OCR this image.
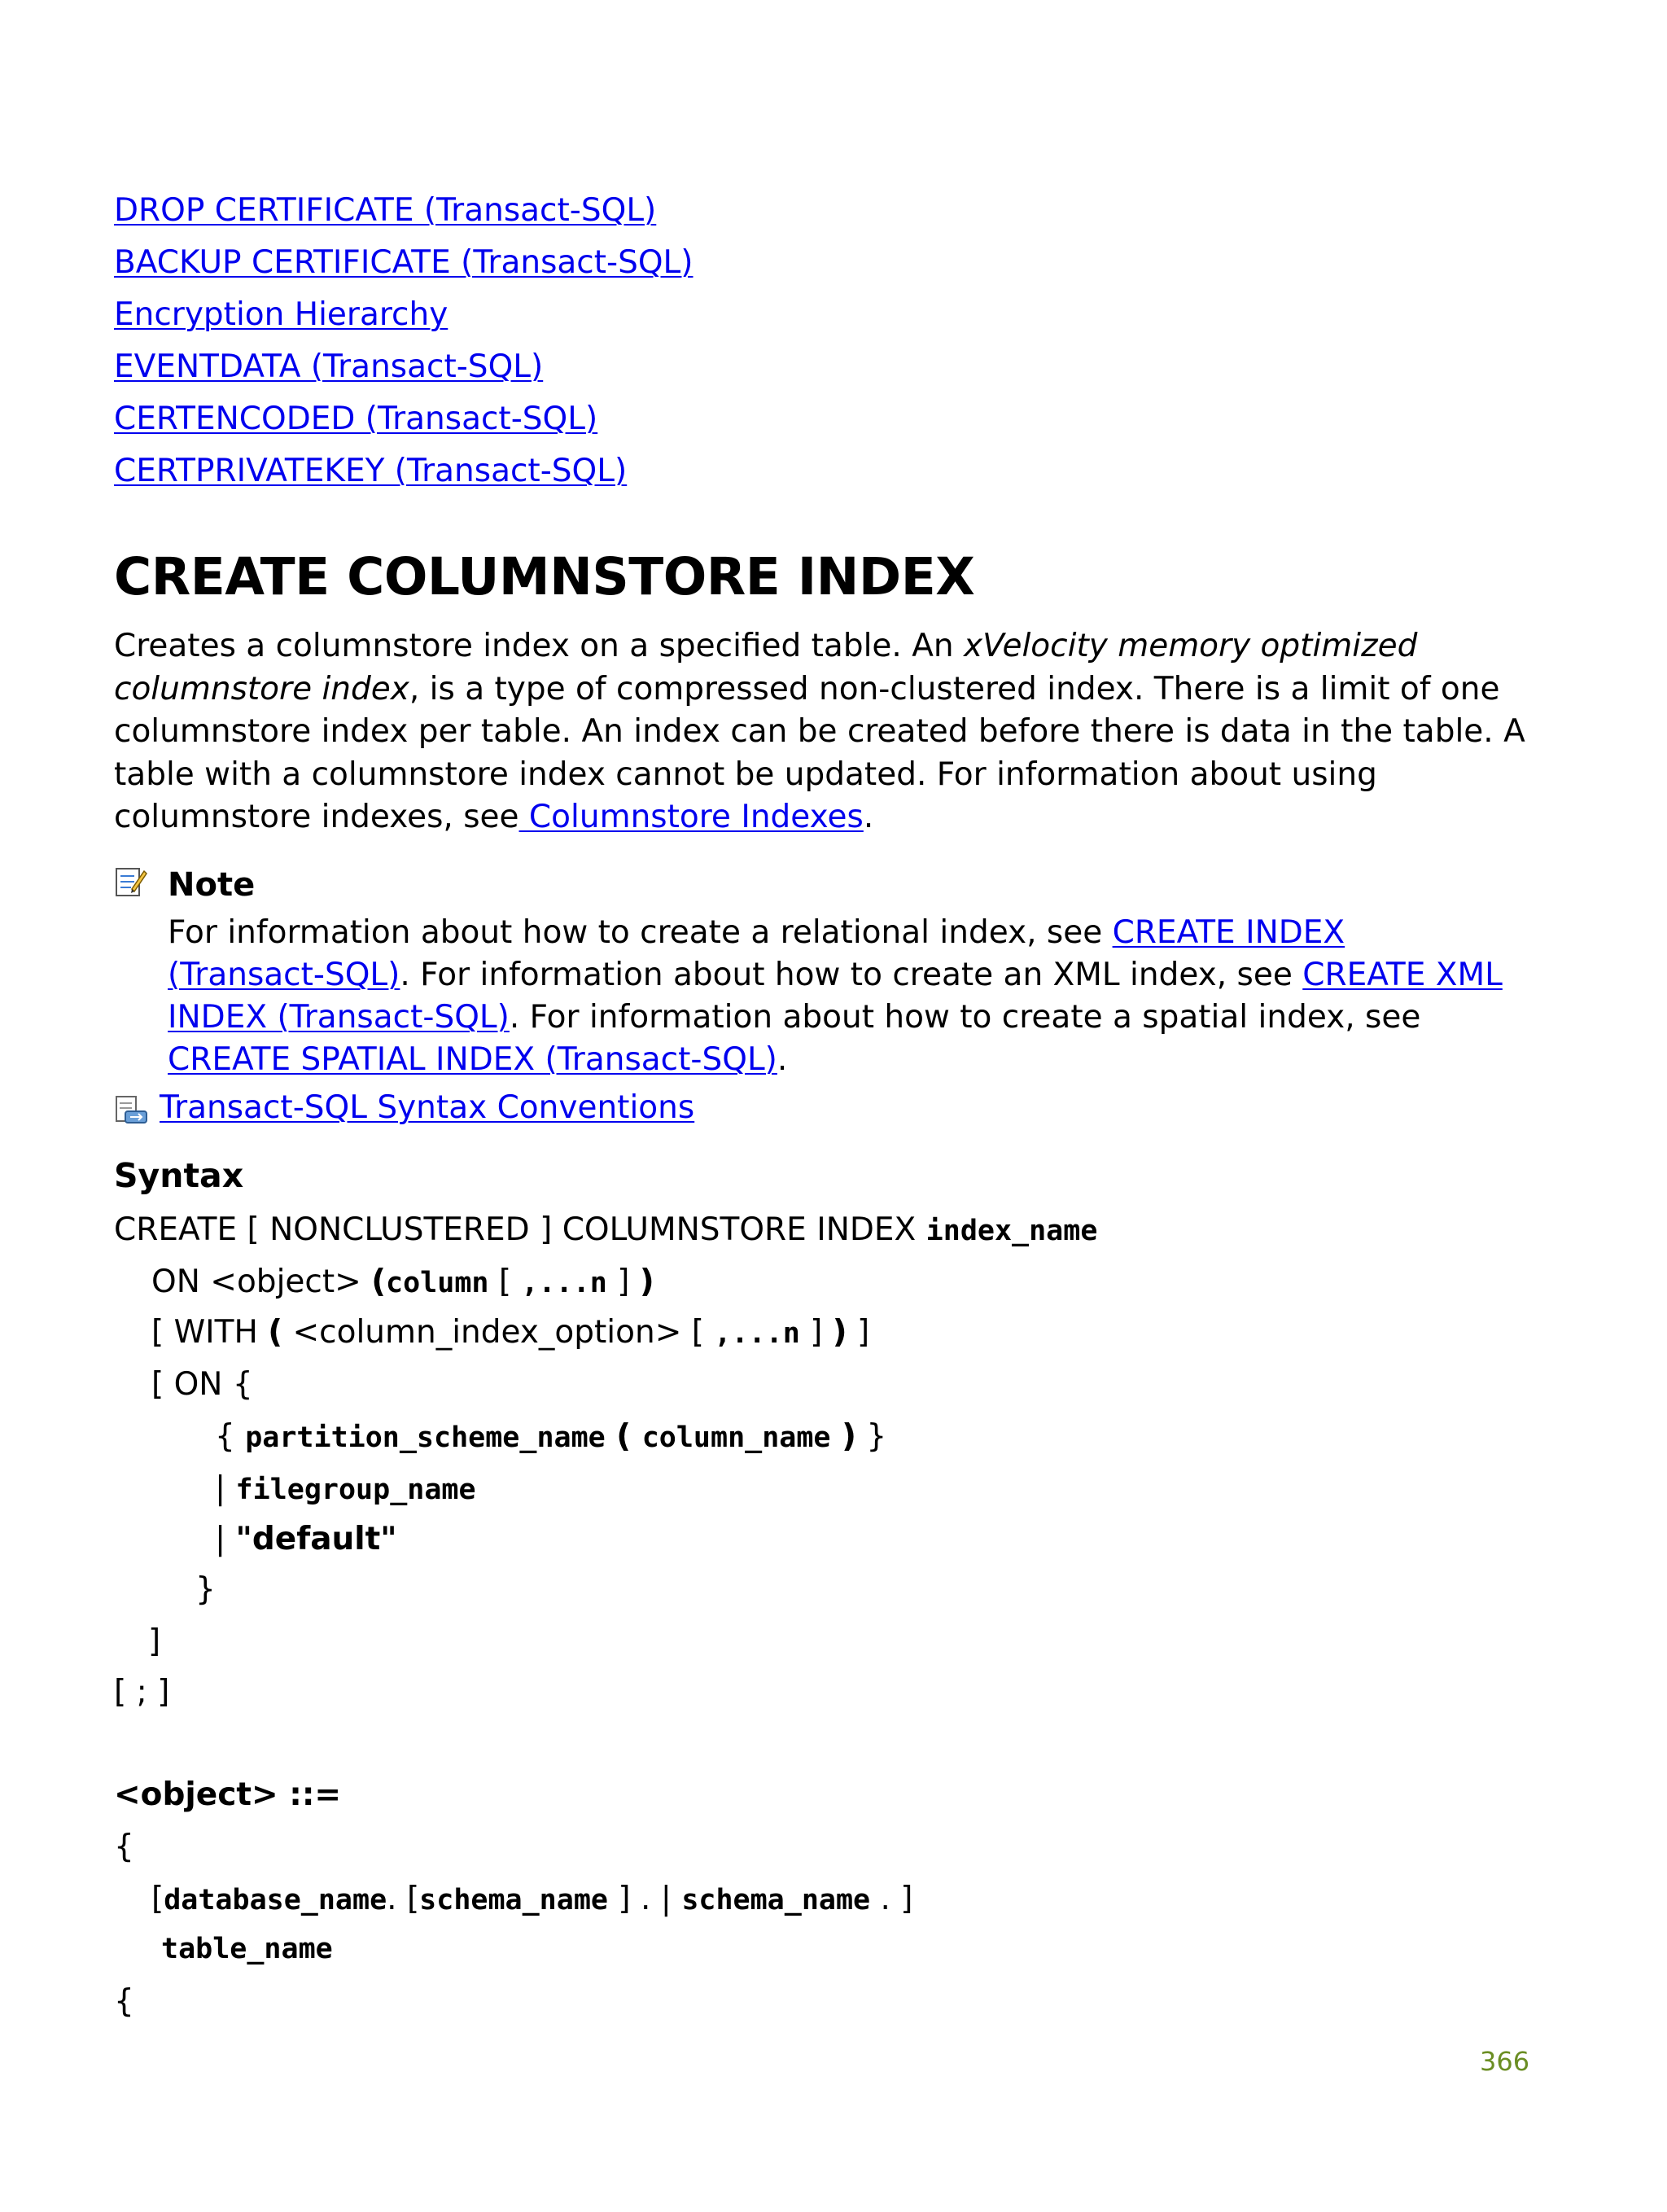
DROP CERTIFICATE (Transact-SQL)
BACKUP CERTIFICATE (Transact-SQL)
Encryption Hierarchy
EVENTDATA (Transact-SQL)
CERTENCODED (Transact-SQL)
CERTPRIVATEKEY (Transact-SQL)
CREATE COLUMNSTORE INDEX

Creates a columnstore index on a specified table. An xVelocity memory optimized columnstore index, is a type of compressed non-clustered index. There is a limit of one columnstore index per table. An index can be created before there is data in the table. A table with a columnstore index cannot be updated. For information about using columnstore indexes, see Columnstore Indexes.

Note

For information about how to create a relational index, see CREATE INDEX (Transact-SQL). For information about how to create an XML index, see CREATE XML INDEX (Transact-SQL). For information about how to create a spatial index, see CREATE SPATIAL INDEX (Transact-SQL).

Transact-SQL Syntax Conventions
Syntax
CREATE [ NONCLUSTERED ] COLUMNSTORE INDEX index_name
ON <object> (column [ ,...n ] )
[ WITH ( <column_index_option> [ ,...n ] ) ]
[ ON {
{ partition_scheme_name ( column_name ) }
| filegroup_name
| "default"
}
]
[ ; ]
<object> ::=
{
[database_name. [schema_name ] . | schema_name . ]
table_name
{
366
